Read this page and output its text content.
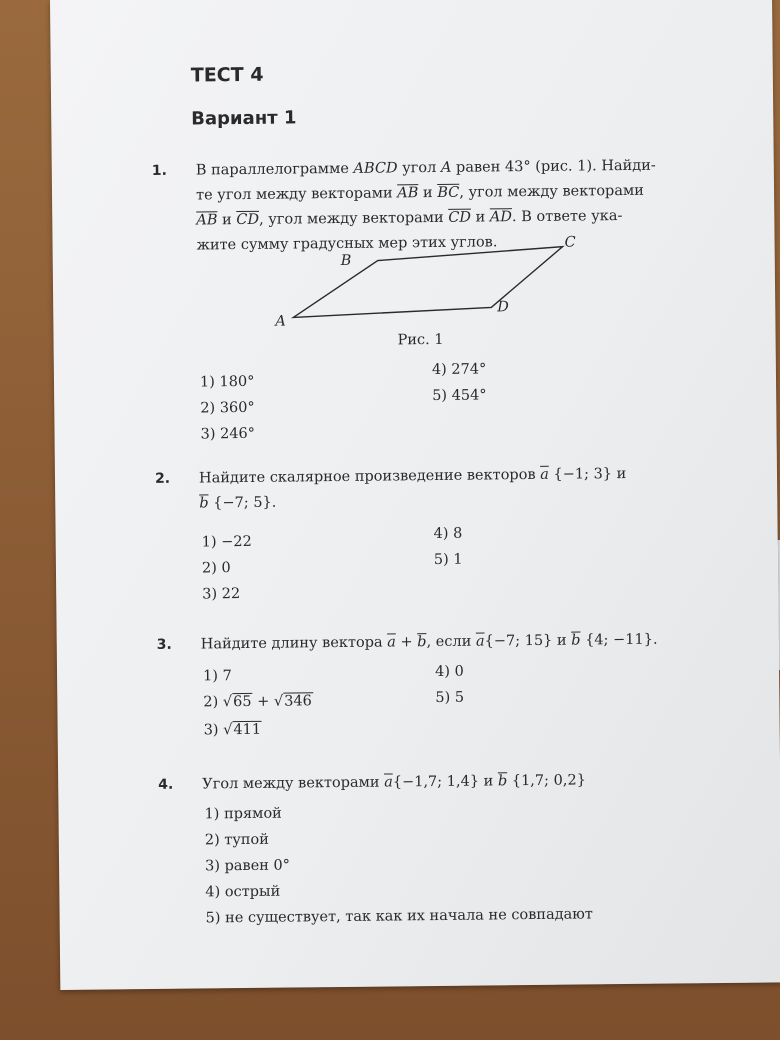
ТЕСТ 4
Вариант 1
1. В параллелограмме ABCD угол A равен 43° (рис. 1). Найди-
те угол между векторами $\overline{AB}$ и $\overline{BC}$, угол между векторами
$\overline{AB}$ и $\overline{CD}$, угол между векторами $\overline{CD}$ и $\overline{AD}$. В ответе ука-
жите сумму градусных мер этих углов.
A
B
C
D
Рис. 1
1) 180°
2) 360°
3) 246°
4) 274°
5) 454°
2. Найдите скалярное произведение векторов $\overline{a}$ {−1; 3} и
$\overline{b}$ {−7; 5}.
1) −22
2) 0
3) 22
4) 8
5) 1
3. Найдите длину вектора $\overline{a} + \overline{b}$, если $\overline{a}\{-7$; 15} и $\overline{b}$ {4; −11}.
1) 7
2) √65 + √346
3) √411
4) 0
5) 5
4. Угол между векторами $\overline{a}\{-1,7$; 1,4} и $\overline{b}$ {1,7; 0,2}
1) прямой
2) тупой
3) равен 0°
4) острый
5) не существует, так как их начала не совпадают
